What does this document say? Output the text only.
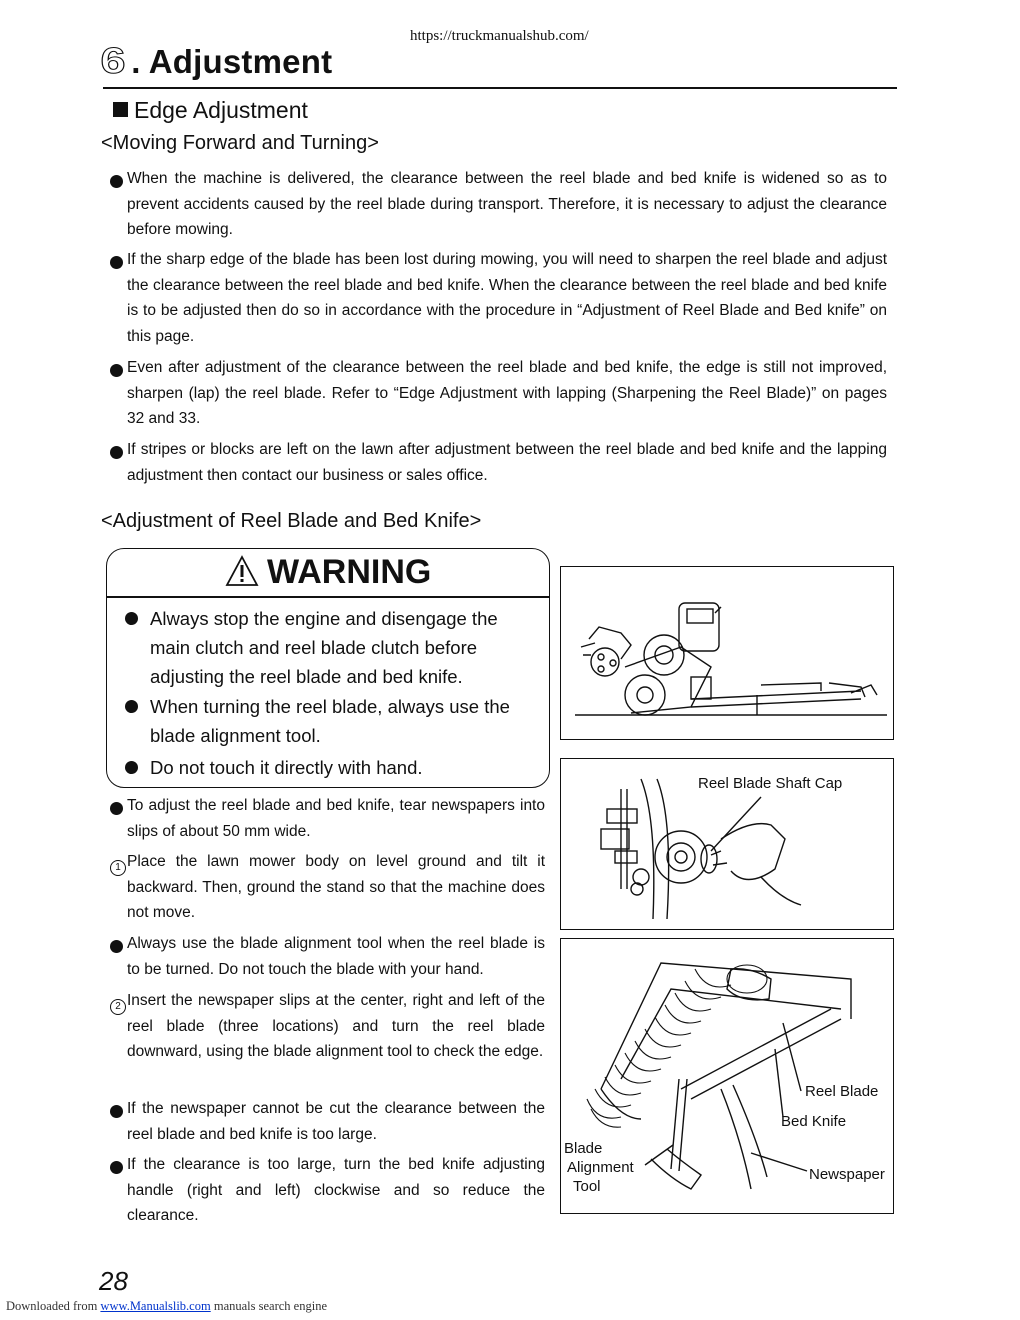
https://truckmanualshub.com/
6 . Adjustment
Edge Adjustment
<Moving Forward and Turning>
When the machine is delivered, the clearance between the reel blade and bed knife is widened so as to prevent accidents caused by the reel blade during transport. Therefore, it is necessary to adjust the clearance before mowing.
If the sharp edge of the blade has been lost during mowing, you will need to sharpen the reel blade and adjust the clearance between the reel blade and bed knife. When the clearance between the reel blade and bed knife is to be adjusted then do so in accordance with the procedure in “Adjustment of Reel Blade and Bed knife” on this page.
Even after adjustment of the clearance between the reel blade and bed knife, the edge is still not improved, sharpen (lap) the reel blade. Refer to “Edge Adjustment with lapping (Sharpening the Reel Blade)” on pages 32 and 33.
If stripes or blocks are left on the lawn after adjustment between the reel blade and bed knife and the lapping adjustment then contact our business or sales office.
<Adjustment of Reel Blade and Bed Knife>
WARNING
Always stop the engine and disengage the main clutch and reel blade clutch before adjusting the reel blade and bed knife.
When turning the reel blade, always use the blade alignment tool.
Do not touch it directly with hand.
To adjust the reel blade and bed knife, tear newspapers into slips of about 50 mm wide.
1 Place the lawn mower body on level ground and tilt it backward. Then, ground the stand so that the machine does not move.
Always use the blade alignment tool when the reel blade is to be turned. Do not touch the blade with your hand.
2 Insert the newspaper slips at the center, right and left of the reel blade (three locations) and turn the reel blade downward, using the blade alignment tool to check the edge.
If the newspaper cannot be cut the clearance between the reel blade and bed knife is too large.
If the clearance is too large, turn the bed knife adjusting handle (right and left) clockwise and so reduce the clearance.
Reel Blade Shaft Cap
Reel Blade
Bed Knife
Newspaper
Blade
Alignment
Tool
28
Downloaded from www.Manualslib.com manuals search engine
